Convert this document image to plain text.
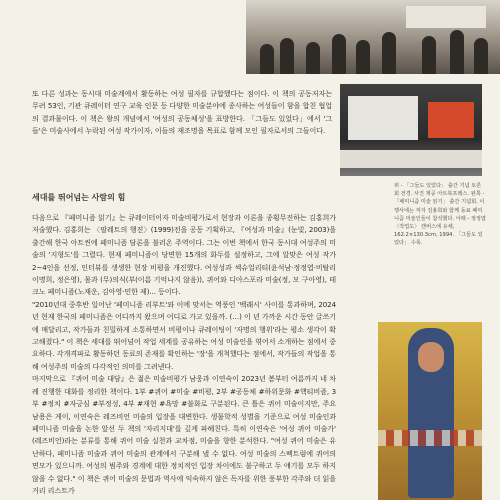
또 다른 성과는 동시대 미술계에서 활동하는 여성 필자를 규합했다는 점이다. 이 책의 공동저자는 무려 53인, 기관 큐레이터 연구 교육 인문 등 다양한 미술분야에 종사하는 여성들이 함을 합친 협업의 결과물이다. 이 책은 왕의 개념에서 '여성의 공동체성'을 표방한다. 「그들도 있었다」에서 '그들'은 미술사에서 누락된 여성 작가이자, 이들의 재조명을 목표로 함께 모인 필자로서의 그들이다.

세대를 뛰어넘는 사람의 힘

다음으로 『페미니즘 읽기』는 큐레이터이자 미술비평가로서 현장과 이론을 종횡무진하는 김홍희가 저술했다. 김홍희는 〈팔레트의 행진〉(1999)전을 공동 기획하고, 『여성과 미술』(눈빛, 2003)을 출간해 한국 아트씬에 페미니즘 담론을 불러온 주역이다. 그는 이번 책에서 한국 동시대 여성주의 미술의 '지형도'를 그렸다. 현재 페미니즘이 당면한 15개의 화두를 설정하고, 그에 알맞은 여성 작가 2~4인을 선정, 인터뷰를 생생한 현장 비평을 개진했다. 여성성과 섹슈얼리티(윤석남·정정엽·비탈리 이명희, 정은영), 몸과 (무)의식(부(이름 기억나지 않음)), 퀴어와 디아스포라 미술(정, 모 구아영), 테크노 페미니즘(노재운, 김아영·민한 제)... 등이다.

"2010년대 중후반 일어난 '페미니즘 리부트'와 이에 맞서는 역풍인 '백래시' 사이를 통과하며, 2024년 현재 한국의 페미니즘은 어디까지 왔으며 어디로 가고 있을까. (…) 이 년 가까운 시간 동안 글쓰기에 매달리고, 작가들과 친밀하게 소통하면서 비평이나 큐레이팅이 '자명의 행위'라는 평소 생각이 확고해졌다." 이 책은 세대를 뛰어넘어 작업 세계를 공유하는 여성 미술인을 엮어서 소개하는 점에서 중요하다. 각개격파로 활동하던 동료의 존재를 확인하는 '장'을 개척했다는 점에서, 작가들의 작업을 통해 여성주의 미술의 다각적인 의미를 그려낸다.

마지막으로 『퀴어 미술 대담』은 젊은 미술비평가 남웅과 이연숙이 2023년 봄부터 여름까지 네 차례 진행한 대화를 정리한 책이다. 1부 #퀴어 #미술 #비평, 2부 #공동체 #하위문화 #핵티비즘, 3부 #정치 #자긍심 #부정성, 4부 #재현 #욕망 #불화로 구분된다. 큰 틀은 퀴어 미술이지만, 주요 남용은 게이, 이연숙은 레즈비언 미술의 입장을 대변한다. 생물학적 성별을 기준으로 여성 미술인과 페미니즘 미술을 논한 앞선 두 책의 '자리지대'를 깊게 파헤친다. 특히 이연숙은 '여성 퀴어 미술가' (레즈비언)라는 분류를 통해 퀴어 미술 실천과 교차점, 미술을 향한 분석한다. "여성 퀴어 미술은 유난하다, 페미니즘 미술과 퀴어 미술의 관계에서 구분해 낼 수 없다. 여성 미술의 스펙트럼에 퀴어의 면모가 있으니까. 여성의 범주와 경계에 대한 정치적인 입장 차이에도 불구하고 두 얘기를 모두 하지 않을 수 없다." 이 책은 퀴어 미술의 문법과 역사에 익숙하지 않은 독자를 위한 풍부한 각주와 더 읽을거리 리스트가

위 - 「그들도 있었다」 출간 기념 토론회 전경. 사진 제공 아트북프레스. 왼쪽 - 「페미니즘 미술 읽기」 출간 기념회. 이 행사에는 저자 김홍희와 함께 동료 페미니즘 미술인들이 참석했다. 아래 - 정정엽 〈작업도〉 캔버스에 유채, 162.2×130.3cm, 1994. 「그들도 있었다」 수록.
